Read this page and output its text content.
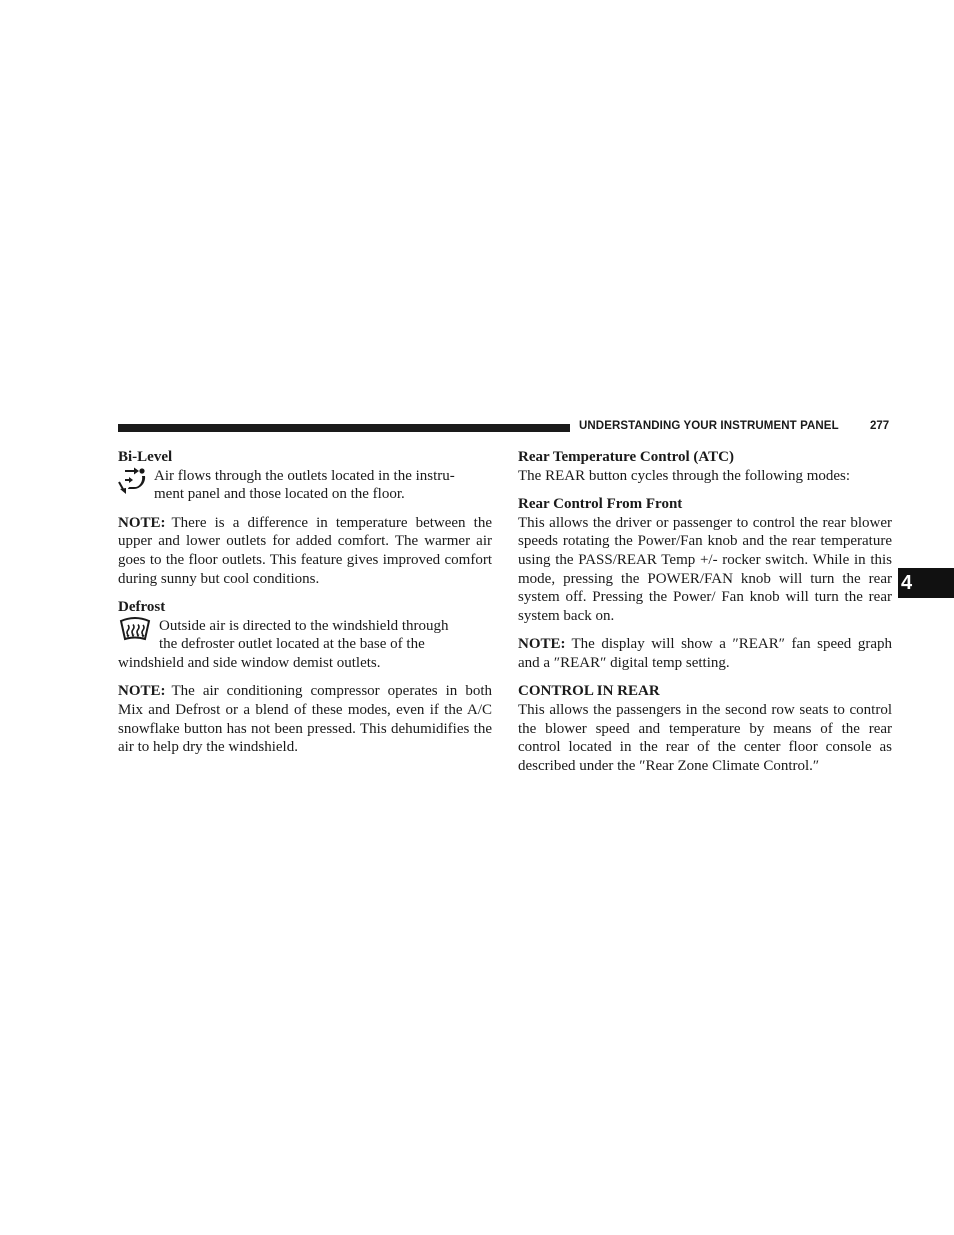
UNDERSTANDING YOUR INSTRUMENT PANEL	277
4
Bi-Level

Air flows through the outlets located in the instru-

ment panel and those located on the floor.

NOTE: There is a difference in temperature between the upper and lower outlets for added comfort. The warmer air goes to the floor outlets. This feature gives improved comfort during sunny but cool conditions.

Defrost

Outside air is directed to the windshield through

the defroster outlet located at the base of the

windshield and side window demist outlets.

NOTE: The air conditioning compressor operates in both Mix and Defrost or a blend of these modes, even if the A/C snowflake button has not been pressed. This dehumidifies the air to help dry the windshield.

Rear Temperature Control (ATC)

The REAR button cycles through the following modes:

Rear Control From Front

This allows the driver or passenger to control the rear blower speeds rotating the Power/Fan knob and the rear temperature using the PASS/REAR Temp +/- rocker switch. While in this mode, pressing the POWER/FAN knob will turn the rear system off. Pressing the Power/ Fan knob will turn the rear system back on.

NOTE: The display will show a ″REAR″ fan speed graph and a ″REAR″ digital temp setting.

CONTROL IN REAR

This allows the passengers in the second row seats to control the blower speed and temperature by means of the rear control located in the rear of the center floor console as described under the ″Rear Zone Climate Control.″
